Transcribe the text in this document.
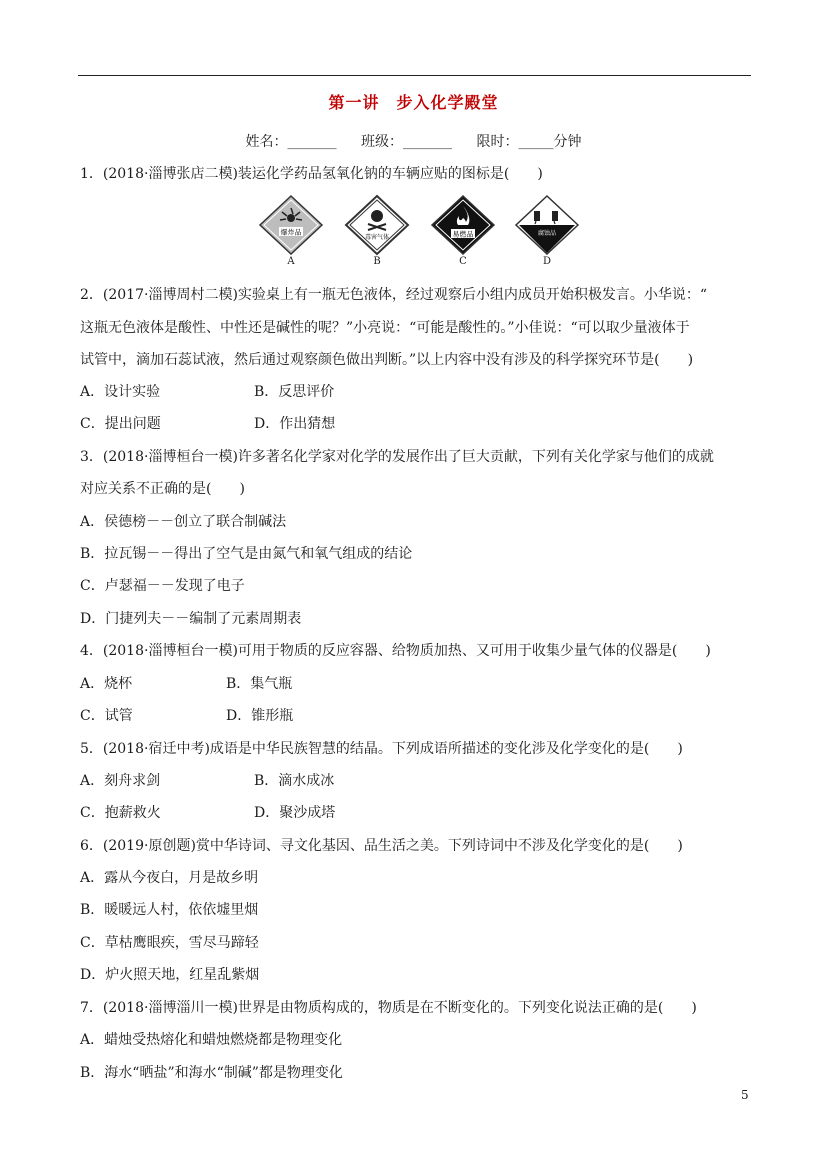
第一讲　步入化学殿堂
姓名：_______ 班级：_______ 限时：_____分钟
1．(2018·淄博张店二模)装运化学药品氢氧化钠的车辆应贴的图标是(　　)
爆炸品
A
毒害气体
B
易燃品
C
腐蚀品
D
2．(2017·淄博周村二模)实验桌上有一瓶无色液体，经过观察后小组内成员开始积极发言。小华说：“
这瓶无色液体是酸性、中性还是碱性的呢？”小亮说：“可能是酸性的。”小佳说：“可以取少量液体于
试管中，滴加石蕊试液，然后通过观察颜色做出判断。”以上内容中没有涉及的科学探究环节是(　　)
A．设计实验	B．反思评价
C．提出问题	D．作出猜想
3．(2018·淄博桓台一模)许多著名化学家对化学的发展作出了巨大贡献，下列有关化学家与他们的成就
对应关系不正确的是(　　)
A．侯德榜－－创立了联合制碱法
B．拉瓦锡－－得出了空气是由氮气和氧气组成的结论
C．卢瑟福－－发现了电子
D．门捷列夫－－编制了元素周期表
4．(2018·淄博桓台一模)可用于物质的反应容器、给物质加热、又可用于收集少量气体的仪器是(　　)
A．烧杯	B．集气瓶
C．试管	D．锥形瓶
5．(2018·宿迁中考)成语是中华民族智慧的结晶。下列成语所描述的变化涉及化学变化的是(　　)
A．刻舟求剑	B．滴水成冰
C．抱薪救火	D．聚沙成塔
6．(2019·原创题)赏中华诗词、寻文化基因、品生活之美。下列诗词中不涉及化学变化的是(　　)
A．露从今夜白，月是故乡明
B．暖暖远人村，依依墟里烟
C．草枯鹰眼疾，雪尽马蹄轻
D．炉火照天地，红星乱紫烟
7．(2018·淄博淄川一模)世界是由物质构成的，物质是在不断变化的。下列变化说法正确的是(　　)
A．蜡烛受热熔化和蜡烛燃烧都是物理变化
B．海水“晒盐”和海水“制碱”都是物理变化
5
